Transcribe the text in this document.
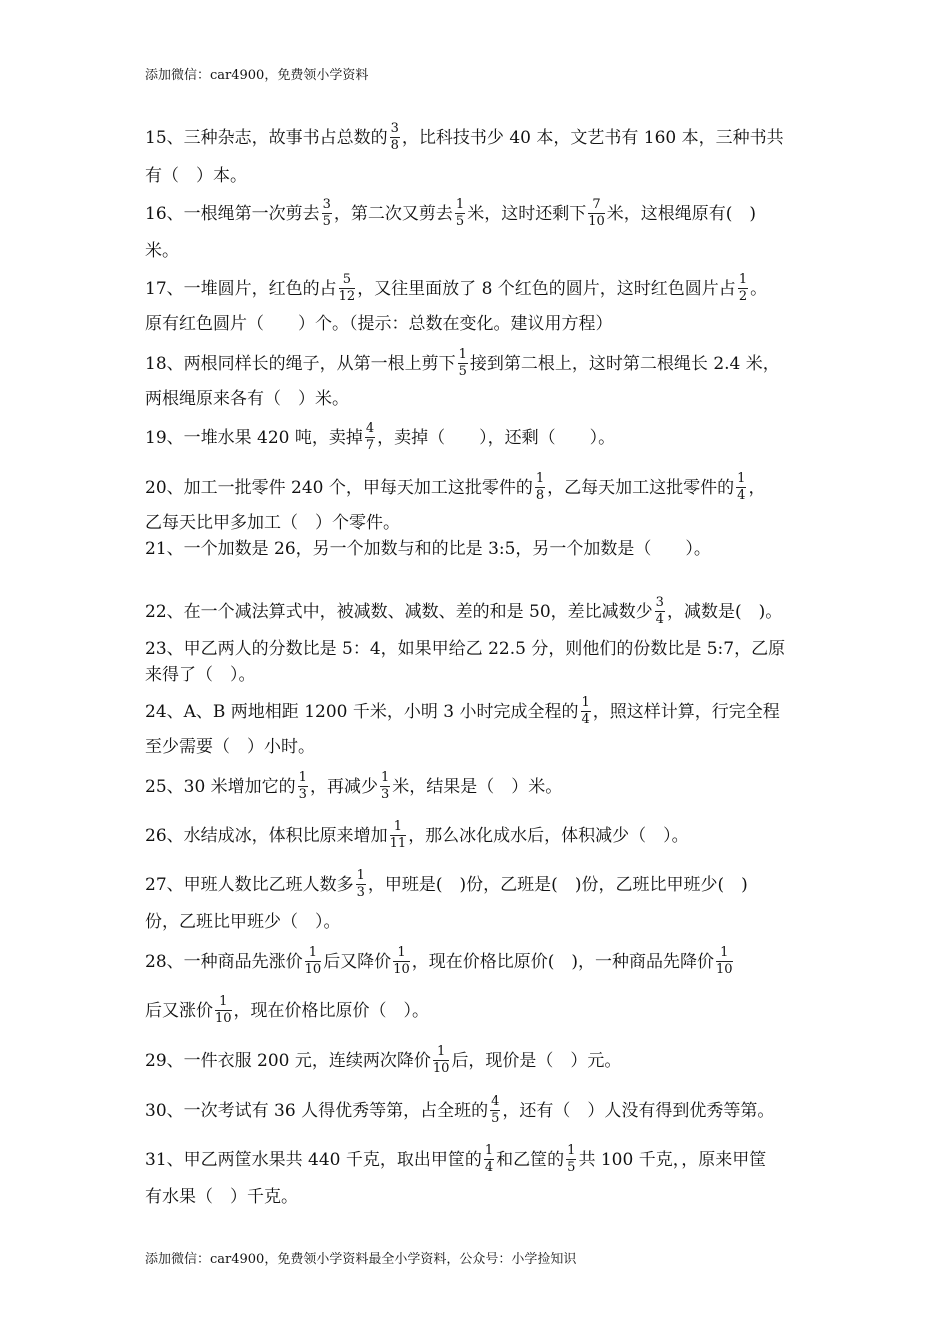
添加微信：car4900，免费领小学资料
15、三种杂志，故事书占总数的 $\frac{3}{8}$ ，比科技书少 40 本，文艺书有 160 本，三种书共
有（　）本。
16、一根绳第一次剪去 $\frac{3}{5}$ ，第二次又剪去 $\frac{1}{5}$ 米，这时还剩下 $\frac{7}{10}$ 米，这根绳原有(　)
米。
17、一堆圆片，红色的占 $\frac{5}{12}$ ，又往里面放了 8 个红色的圆片，这时红色圆片占 $\frac{1}{2}$ 。
原有红色圆片（　　）个。（提示：总数在变化。建议用方程）
18、两根同样长的绳子，从第一根上剪下 $\frac{1}{5}$ 接到第二根上，这时第二根绳长 2.4 米，
两根绳原来各有（　）米。
19、一堆水果 420 吨，卖掉 $\frac{4}{7}$ ，卖掉（　　），还剩（　　）。
20、加工一批零件 240 个，甲每天加工这批零件的 $\frac{1}{8}$ ，乙每天加工这批零件的 $\frac{1}{4}$ ，
乙每天比甲多加工（　）个零件。
21、一个加数是 26，另一个加数与和的比是 3:5，另一个加数是（　　）。
22、在一个减法算式中，被减数、减数、差的和是 50，差比减数少 $\frac{3}{4}$ ，减数是(　)。
23、甲乙两人的分数比是 5：4，如果甲给乙 22.5 分，则他们的份数比是 5:7，乙原
来得了（　）。
24、A、B 两地相距 1200 千米，小明 3 小时完成全程的 $\frac{1}{4}$ ，照这样计算，行完全程
至少需要（　）小时。
25、30 米增加它的 $\frac{1}{3}$ ，再减少 $\frac{1}{3}$ 米，结果是（　）米。
26、水结成冰，体积比原来增加 $\frac{1}{11}$ ，那么冰化成水后，体积减少（　）。
27、甲班人数比乙班人数多 $\frac{1}{3}$ ，甲班是(　)份，乙班是(　)份，乙班比甲班少(　)
份，乙班比甲班少（　）。
28、一种商品先涨价 $\frac{1}{10}$ 后又降价 $\frac{1}{10}$ ，现在价格比原价(　)，一种商品先降价 $\frac{1}{10}$
后又涨价 $\frac{1}{10}$ ，现在价格比原价（　）。
29、一件衣服 200 元，连续两次降价 $\frac{1}{10}$ 后，现价是（　）元。
30、一次考试有 36 人得优秀等第，占全班的 $\frac{4}{5}$ ，还有（　）人没有得到优秀等第。
31、甲乙两筐水果共 440 千克，取出甲筐的 $\frac{1}{4}$ 和乙筐的 $\frac{1}{5}$ 共 100 千克，，原来甲筐
有水果（　）千克。
添加微信：car4900，免费领小学资料最全小学资料，公众号：小学捡知识
